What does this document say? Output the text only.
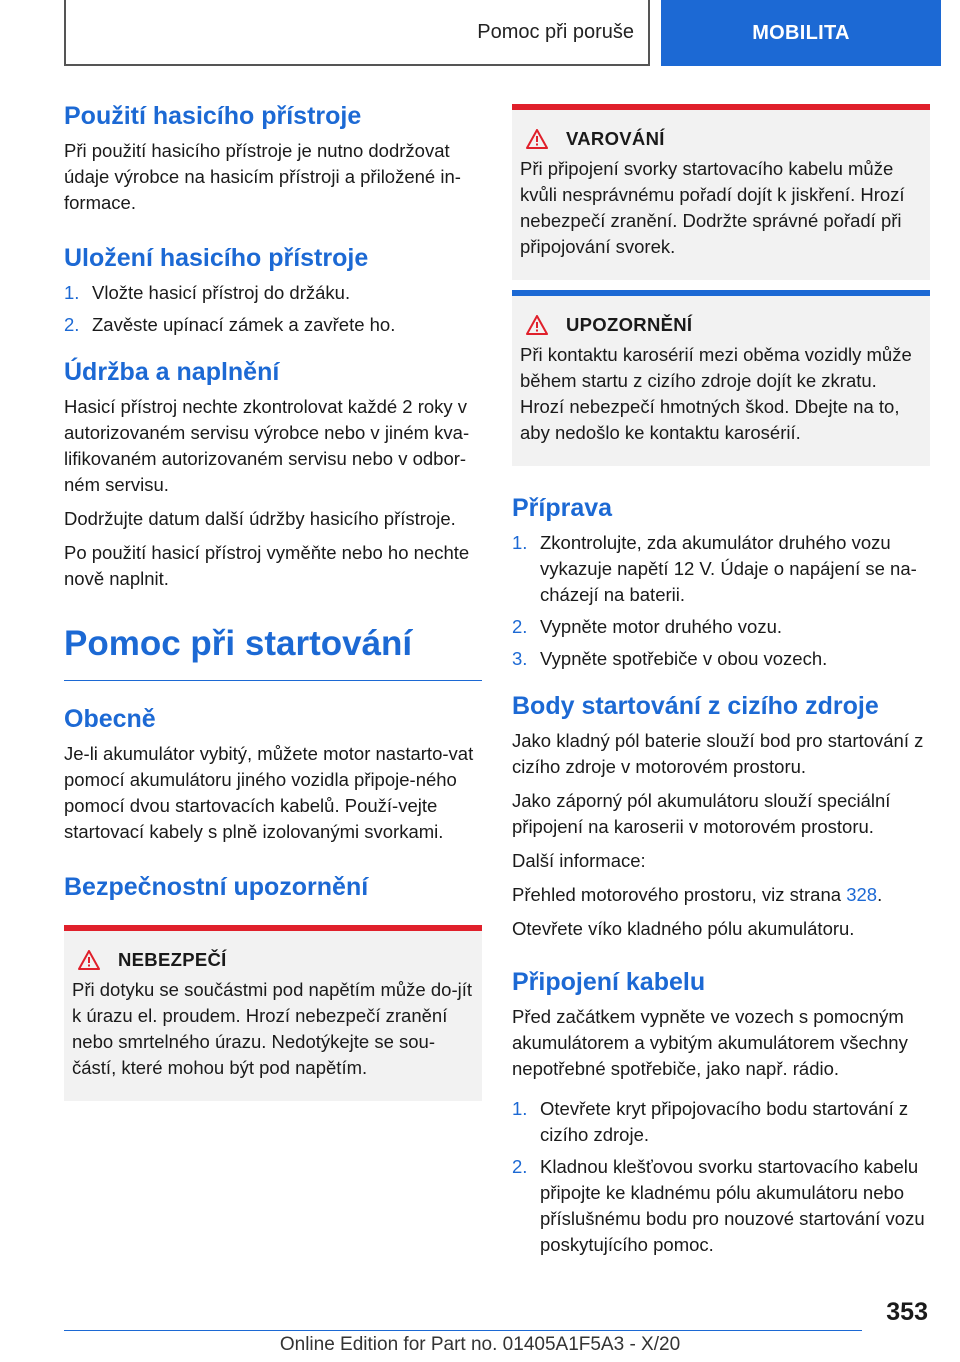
Pomoc při poruše	MOBILITA
Použití hasicího přístroje

Při použití hasicího přístroje je nutno dodržovat údaje výrobce na hasicím přístroji a přiložené in-formace.

Uložení hasicího přístroje
1. Vložte hasicí přístroj do držáku.
2. Zavěste upínací zámek a zavřete ho.
Údržba a naplnění

Hasicí přístroj nechte zkontrolovat každé 2 roky v autorizovaném servisu výrobce nebo v jiném kva-lifikovaném autorizovaném servisu nebo v odbor-ném servisu.

Dodržujte datum další údržby hasicího přístroje.

Po použití hasicí přístroj vyměňte nebo ho nechte nově naplnit.

Pomoc při startování
Obecně

Je-li akumulátor vybitý, můžete motor nastarto-vat pomocí akumulátoru jiného vozidla připoje-ného pomocí dvou startovacích kabelů. Použí-vejte startovací kabely s plně izolovanými svorkami.

Bezpečnostní upozornění
NEBEZPEČÍ
Při dotyku se součástmi pod napětím může do-jít k úrazu el. proudem. Hrozí nebezpečí zranění nebo smrtelného úrazu. Nedotýkejte se sou-částí, které mohou být pod napětím.
VAROVÁNÍ
Při připojení svorky startovacího kabelu může kvůli nesprávnému pořadí dojít k jiskření. Hrozí nebezpečí zranění. Dodržte správné pořadí při připojování svorek.
UPOZORNĚNÍ
Při kontaktu karosérií mezi oběma vozidly může během startu z cizího zdroje dojít ke zkratu. Hrozí nebezpečí hmotných škod. Dbejte na to, aby nedošlo ke kontaktu karosérií.
Příprava
1. Zkontrolujte, zda akumulátor druhého vozu vykazuje napětí 12 V. Údaje o napájení se na-cházejí na baterii.
2. Vypněte motor druhého vozu.
3. Vypněte spotřebiče v obou vozech.
Body startování z cizího zdroje

Jako kladný pól baterie slouží bod pro startování z cizího zdroje v motorovém prostoru.

Jako záporný pól akumulátoru slouží speciální připojení na karoserii v motorovém prostoru.

Další informace:

Přehled motorového prostoru, viz strana 328.

Otevřete víko kladného pólu akumulátoru.

Připojení kabelu

Před začátkem vypněte ve vozech s pomocným akumulátorem a vybitým akumulátorem všechny nepotřebné spotřebiče, jako např. rádio.

1. Otevřete kryt připojovacího bodu startování z cizího zdroje.
2. Kladnou klešťovou svorku startovacího kabelu připojte ke kladnému pólu akumulátoru nebo příslušnému bodu pro nouzové startování vozu poskytujícího pomoc.
353
Online Edition for Part no. 01405A1F5A3 - X/20
